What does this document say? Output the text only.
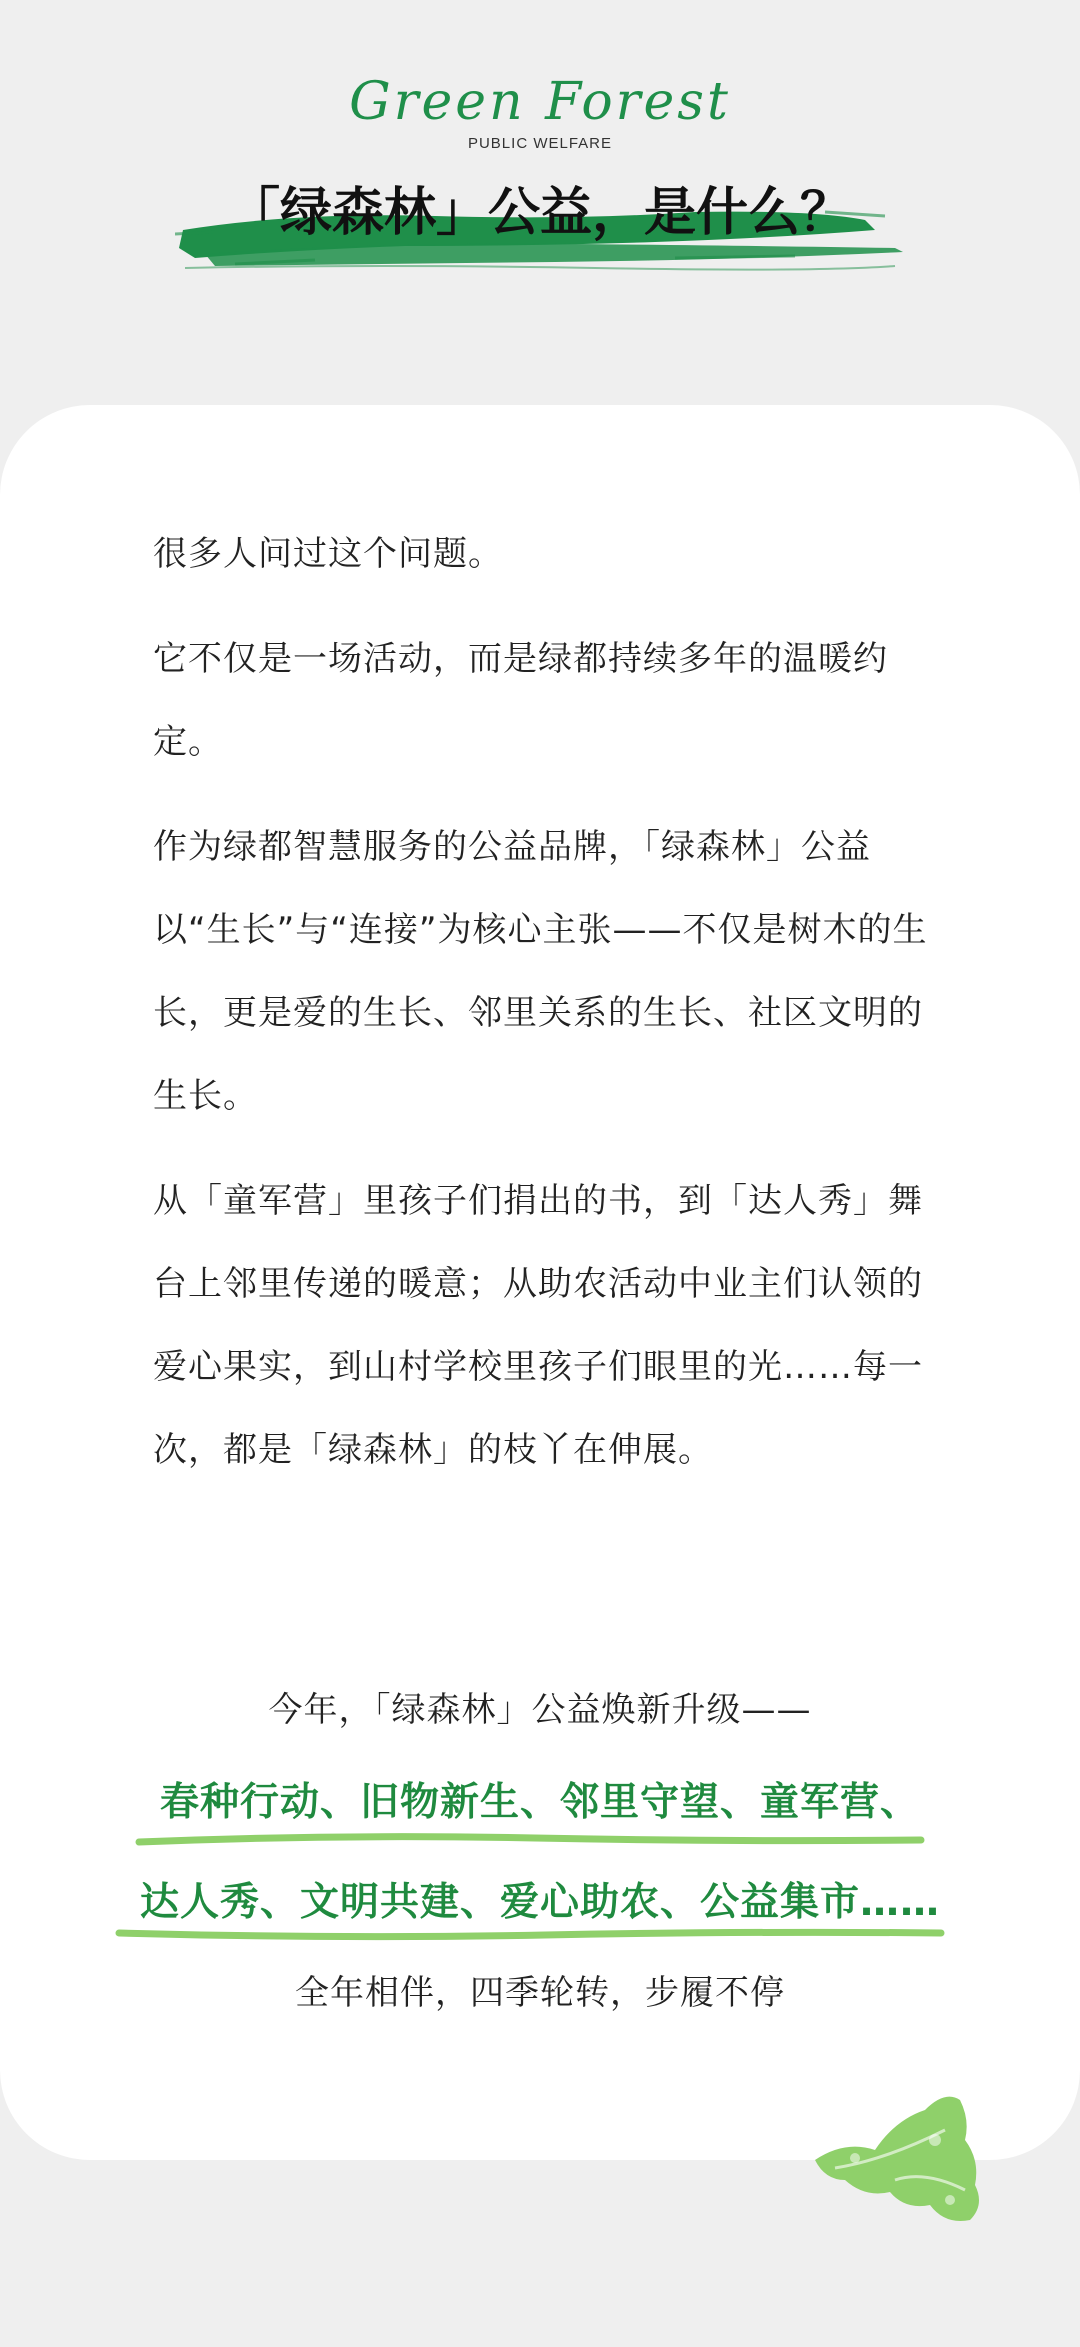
Green Forest
PUBLIC WELFARE
「绿森林」公益，是什么？

很多人问过这个问题。

它不仅是一场活动，而是绿都持续多年的温暖约定。

作为绿都智慧服务的公益品牌，「绿森林」公益以“生长”与“连接”为核心主张——不仅是树木的生长，更是爱的生长、邻里关系的生长、社区文明的生长。

从「童军营」里孩子们捐出的书，到「达人秀」舞台上邻里传递的暖意；从助农活动中业主们认领的爱心果实，到山村学校里孩子们眼里的光……每一次，都是「绿森林」的枝丫在伸展。

今年，「绿森林」公益焕新升级——
春种行动、旧物新生、邻里守望、童军营、
达人秀、文明共建、爱心助农、公益集市……
全年相伴，四季轮转，步履不停
